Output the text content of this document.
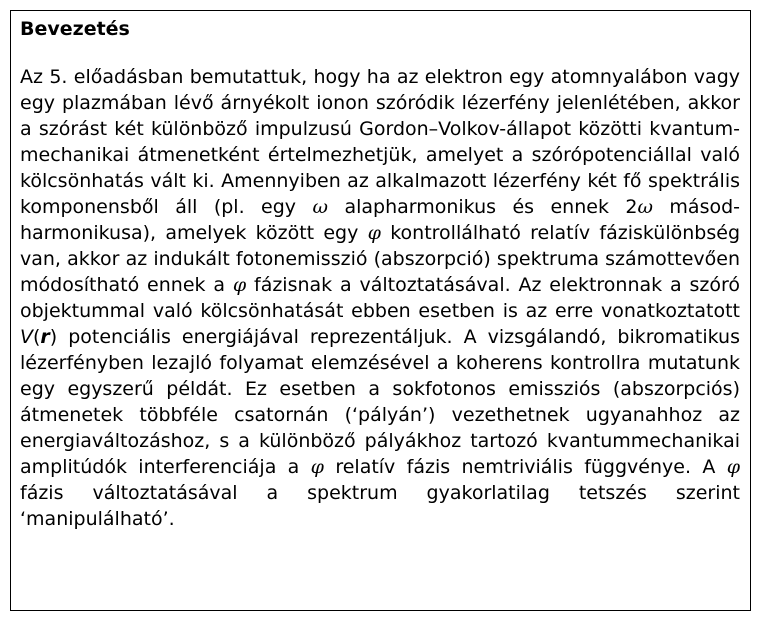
Bevezetés

Az 5. előadásban bemutattuk, hogy ha az elektron egy atomnyalábon vagy egy plazmában lévő árnyékolt ionon szóródik lézerfény jelenlétében, akkor a szórást két különböző impulzusú Gordon–Volkov-állapot közötti kvantum-mechanikai átmenetként értelmezhetjük, amelyet a szórópotenciállal való kölcsönhatás vált ki. Amennyiben az alkalmazott lézerfény két fő spektrális komponensből áll (pl. egy ω alapharmonikus és ennek 2ω másod-harmonikusa), amelyek között egy φ kontrollálható relatív fáziskülönbség van, akkor az indukált fotonemisszió (abszorpció) spektruma számottevően módosítható ennek a φ fázisnak a változtatásával. Az elektronnak a szóró objektummal való kölcsönhatását ebben esetben is az erre vonatkoztatott V(r) potenciális energiájával reprezentáljuk. A vizsgálandó, bikromatikus lézerfényben lezajló folyamat elemzésével a koherens kontrollra mutatunk egy egyszerű példát. Ez esetben a sokfotonos emissziós (abszorpciós) átmenetek többféle csatornán (‘pályán’) vezethetnek ugyanahhoz az energiaváltozáshoz, s a különböző pályákhoz tartozó kvantummechanikai amplitúdók interferenciája a φ relatív fázis nemtriviális függvénye. A φ fázis változtatásával a spektrum gyakorlatilag tetszés szerint ‘manipulálható’.
